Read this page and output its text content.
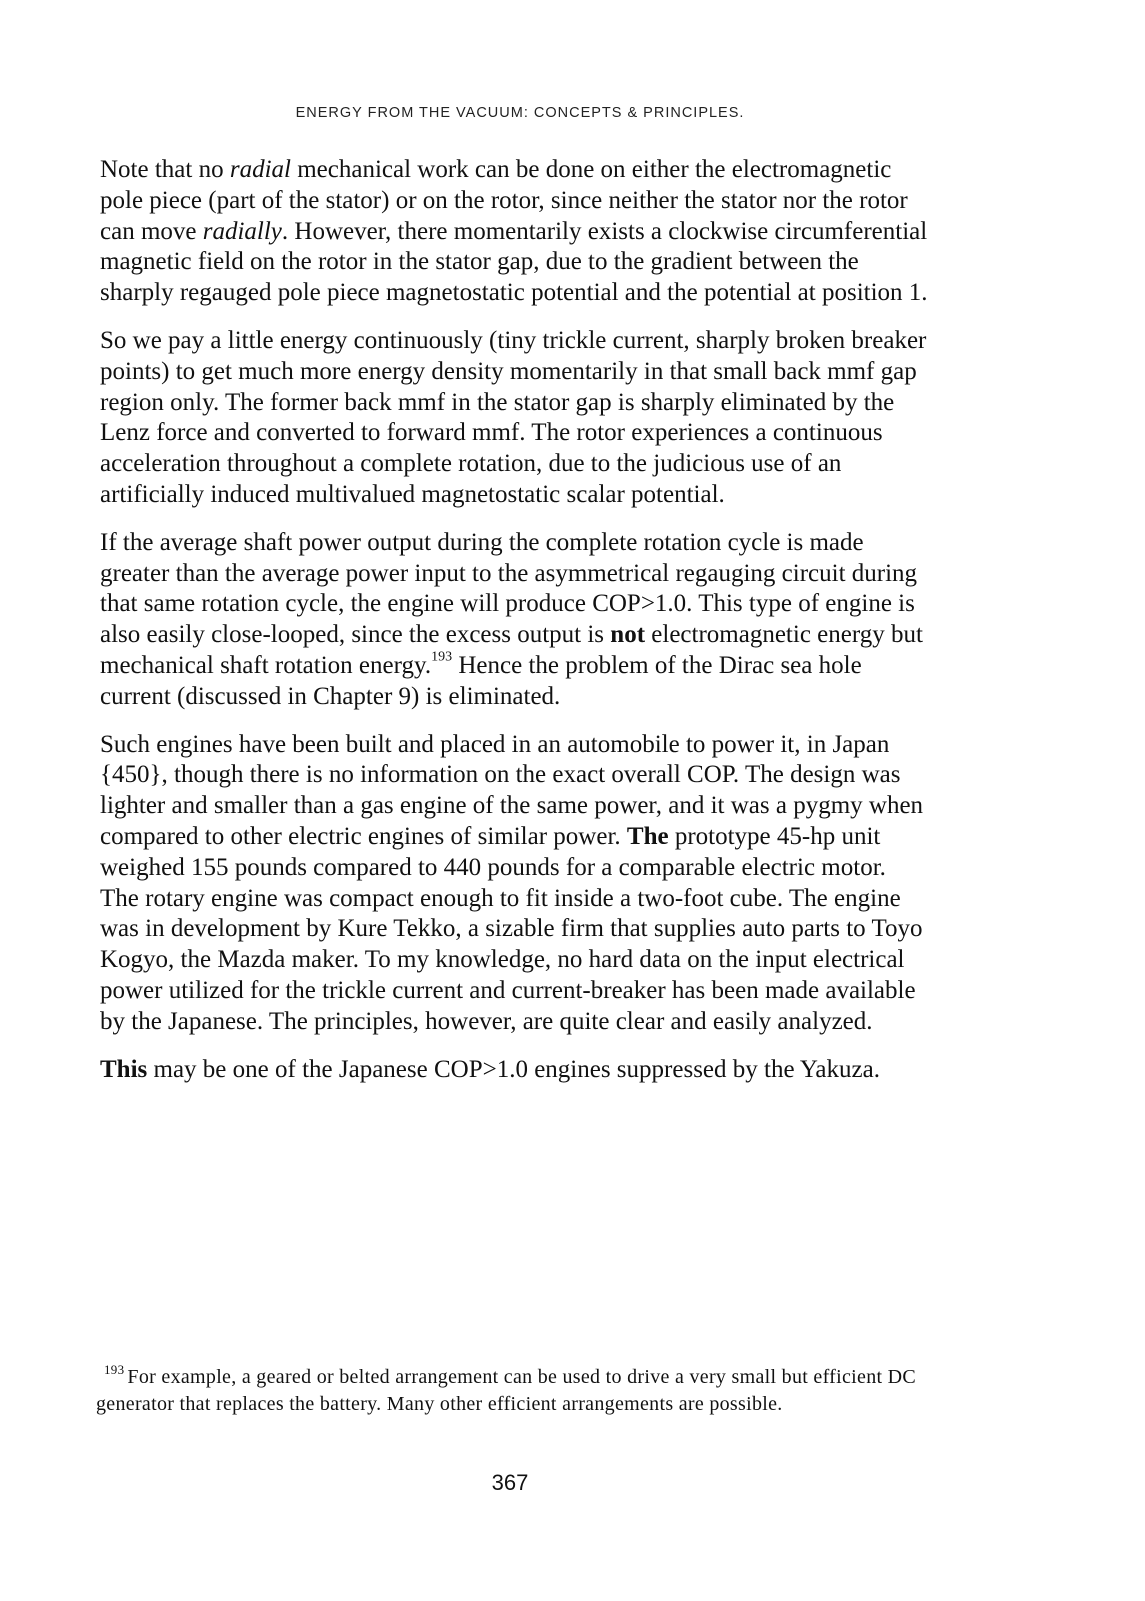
ENERGY FROM THE VACUUM: CONCEPTS & PRINCIPLES.

Note that no radial mechanical work can be done on either the electromagnetic pole piece (part of the stator) or on the rotor, since neither the stator nor the rotor can move radially. However, there momentarily exists a clockwise circumferential magnetic field on the rotor in the stator gap, due to the gradient between the sharply regauged pole piece magnetostatic potential and the potential at position 1.

So we pay a little energy continuously (tiny trickle current, sharply broken breaker points) to get much more energy density momentarily in that small back mmf gap region only. The former back mmf in the stator gap is sharply eliminated by the Lenz force and converted to forward mmf. The rotor experiences a continuous acceleration throughout a complete rotation, due to the judicious use of an artificially induced multivalued magnetostatic scalar potential.

If the average shaft power output during the complete rotation cycle is made greater than the average power input to the asymmetrical regauging circuit during that same rotation cycle, the engine will produce COP>1.0. This type of engine is also easily close-looped, since the excess output is not electromagnetic energy but mechanical shaft rotation energy.$^{193}$ Hence the problem of the Dirac sea hole current (discussed in Chapter 9) is eliminated.

Such engines have been built and placed in an automobile to power it, in Japan {450}, though there is no information on the exact overall COP. The design was lighter and smaller than a gas engine of the same power, and it was a pygmy when compared to other electric engines of similar power. The prototype 45-hp unit weighed 155 pounds compared to 440 pounds for a comparable electric motor. The rotary engine was compact enough to fit inside a two-foot cube. The engine was in development by Kure Tekko, a sizable firm that supplies auto parts to Toyo Kogyo, the Mazda maker. To my knowledge, no hard data on the input electrical power utilized for the trickle current and current-breaker has been made available by the Japanese. The principles, however, are quite clear and easily analyzed.

This may be one of the Japanese COP>1.0 engines suppressed by the Yakuza.

$^{193}$ For example, a geared or belted arrangement can be used to drive a very small but efficient DC generator that replaces the battery. Many other efficient arrangements are possible.
367
